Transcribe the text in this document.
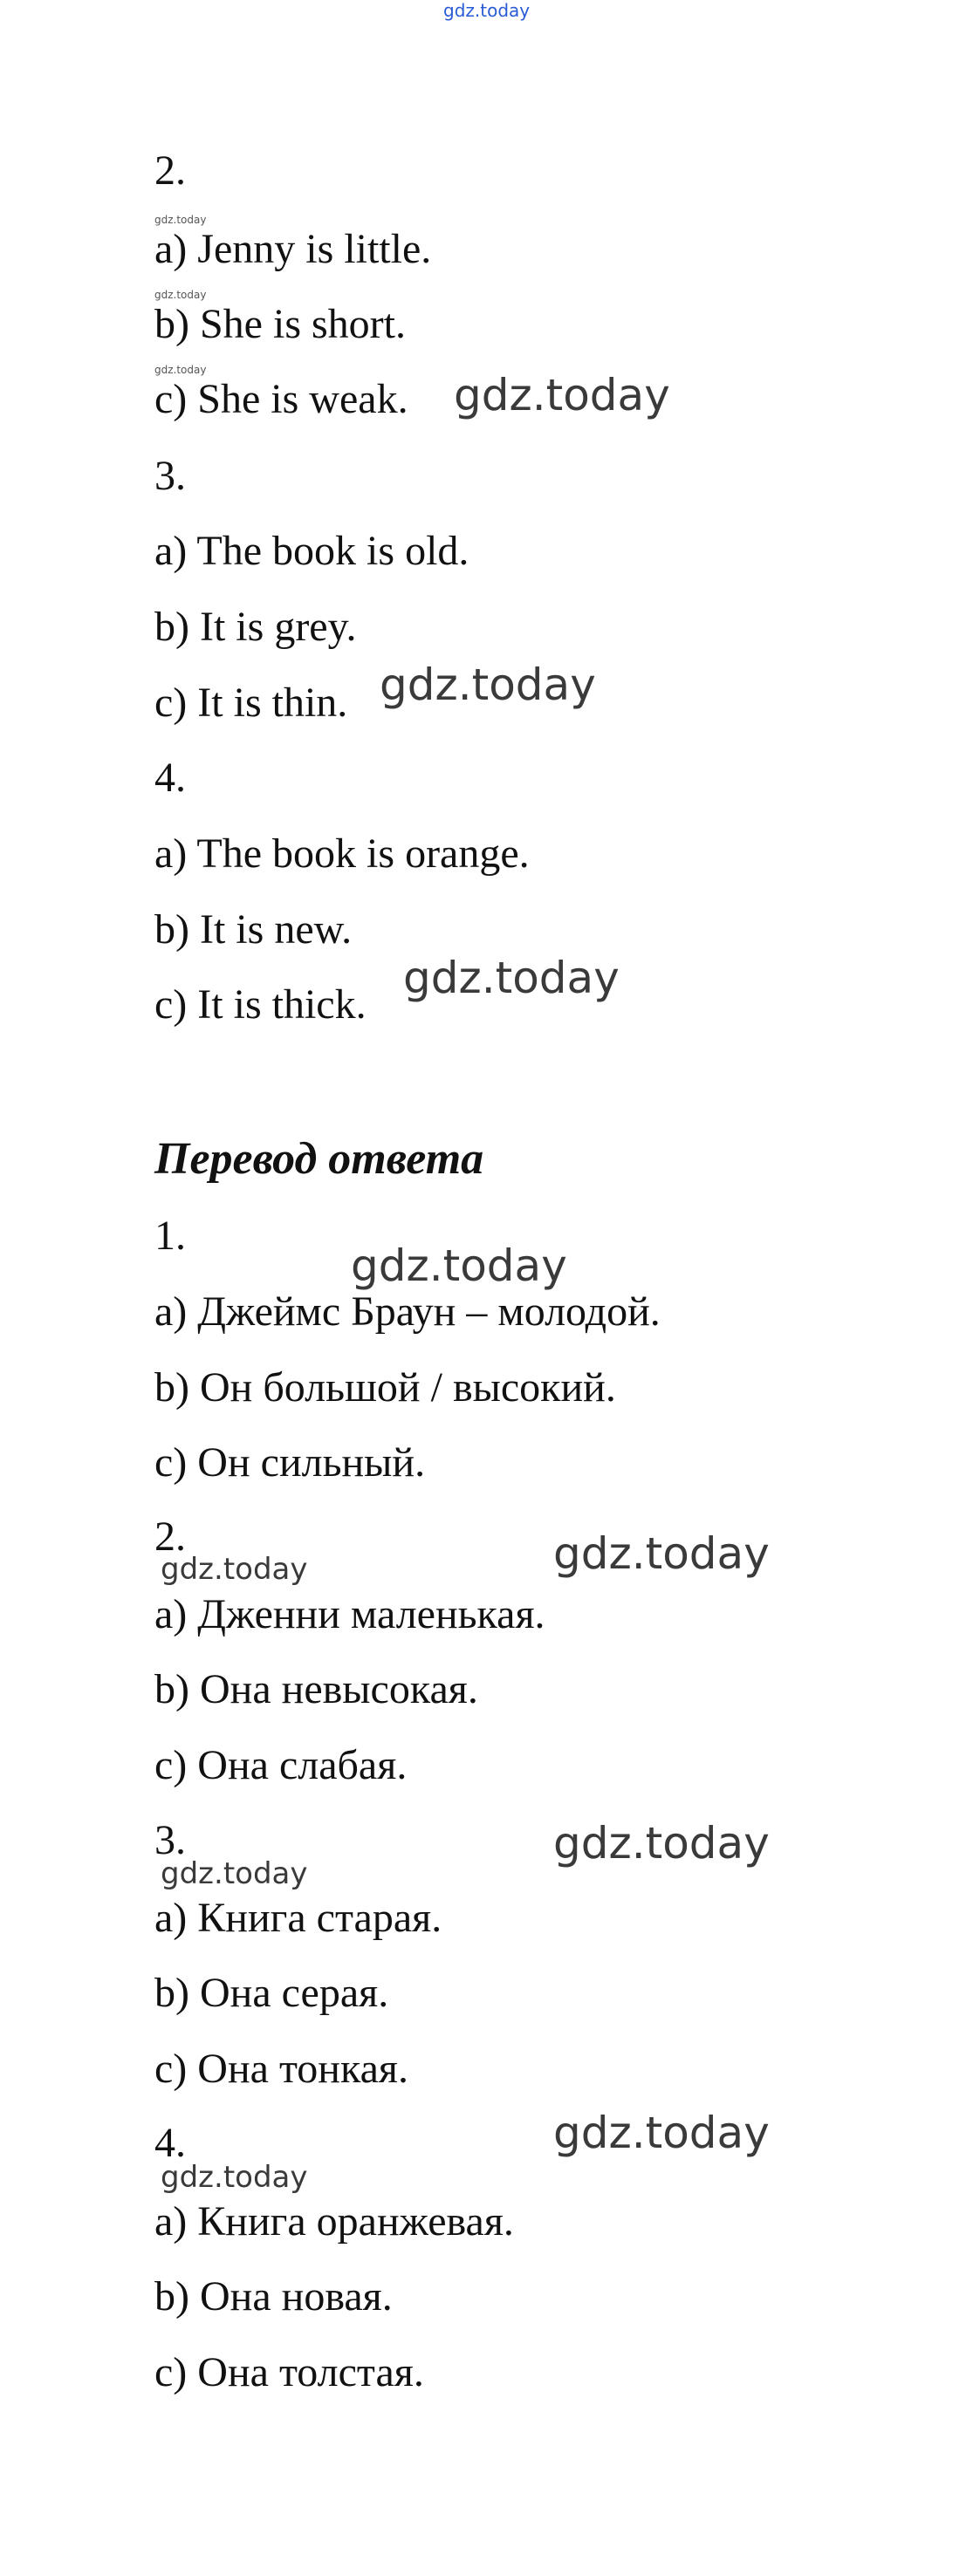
gdz.today
2.
gdz.today
a) Jenny is little.
gdz.today
b) She is short.
gdz.today
c) She is weak. gdz.today
3.
a) The book is old.
b) It is grey.
c) It is thin. gdz.today
4.
a) The book is orange.
b) It is new.
c) It is thick.
gdz.today
Перевод ответа
1.
gdz.today
a) Джеймс Браун – молодой.
b) Он большой / высокий.
c) Он сильный.
2.	gdz.today
gdz.today
a) Дженни маленькая.
b) Она невысокая.
c) Она слабая.
3.	gdz.today
gdz.today
a) Книга старая.
b) Она серая.
c) Она тонкая.
4.	gdz.today
gdz.today
a) Книга оранжевая.
b) Она новая.
c) Она толстая.
